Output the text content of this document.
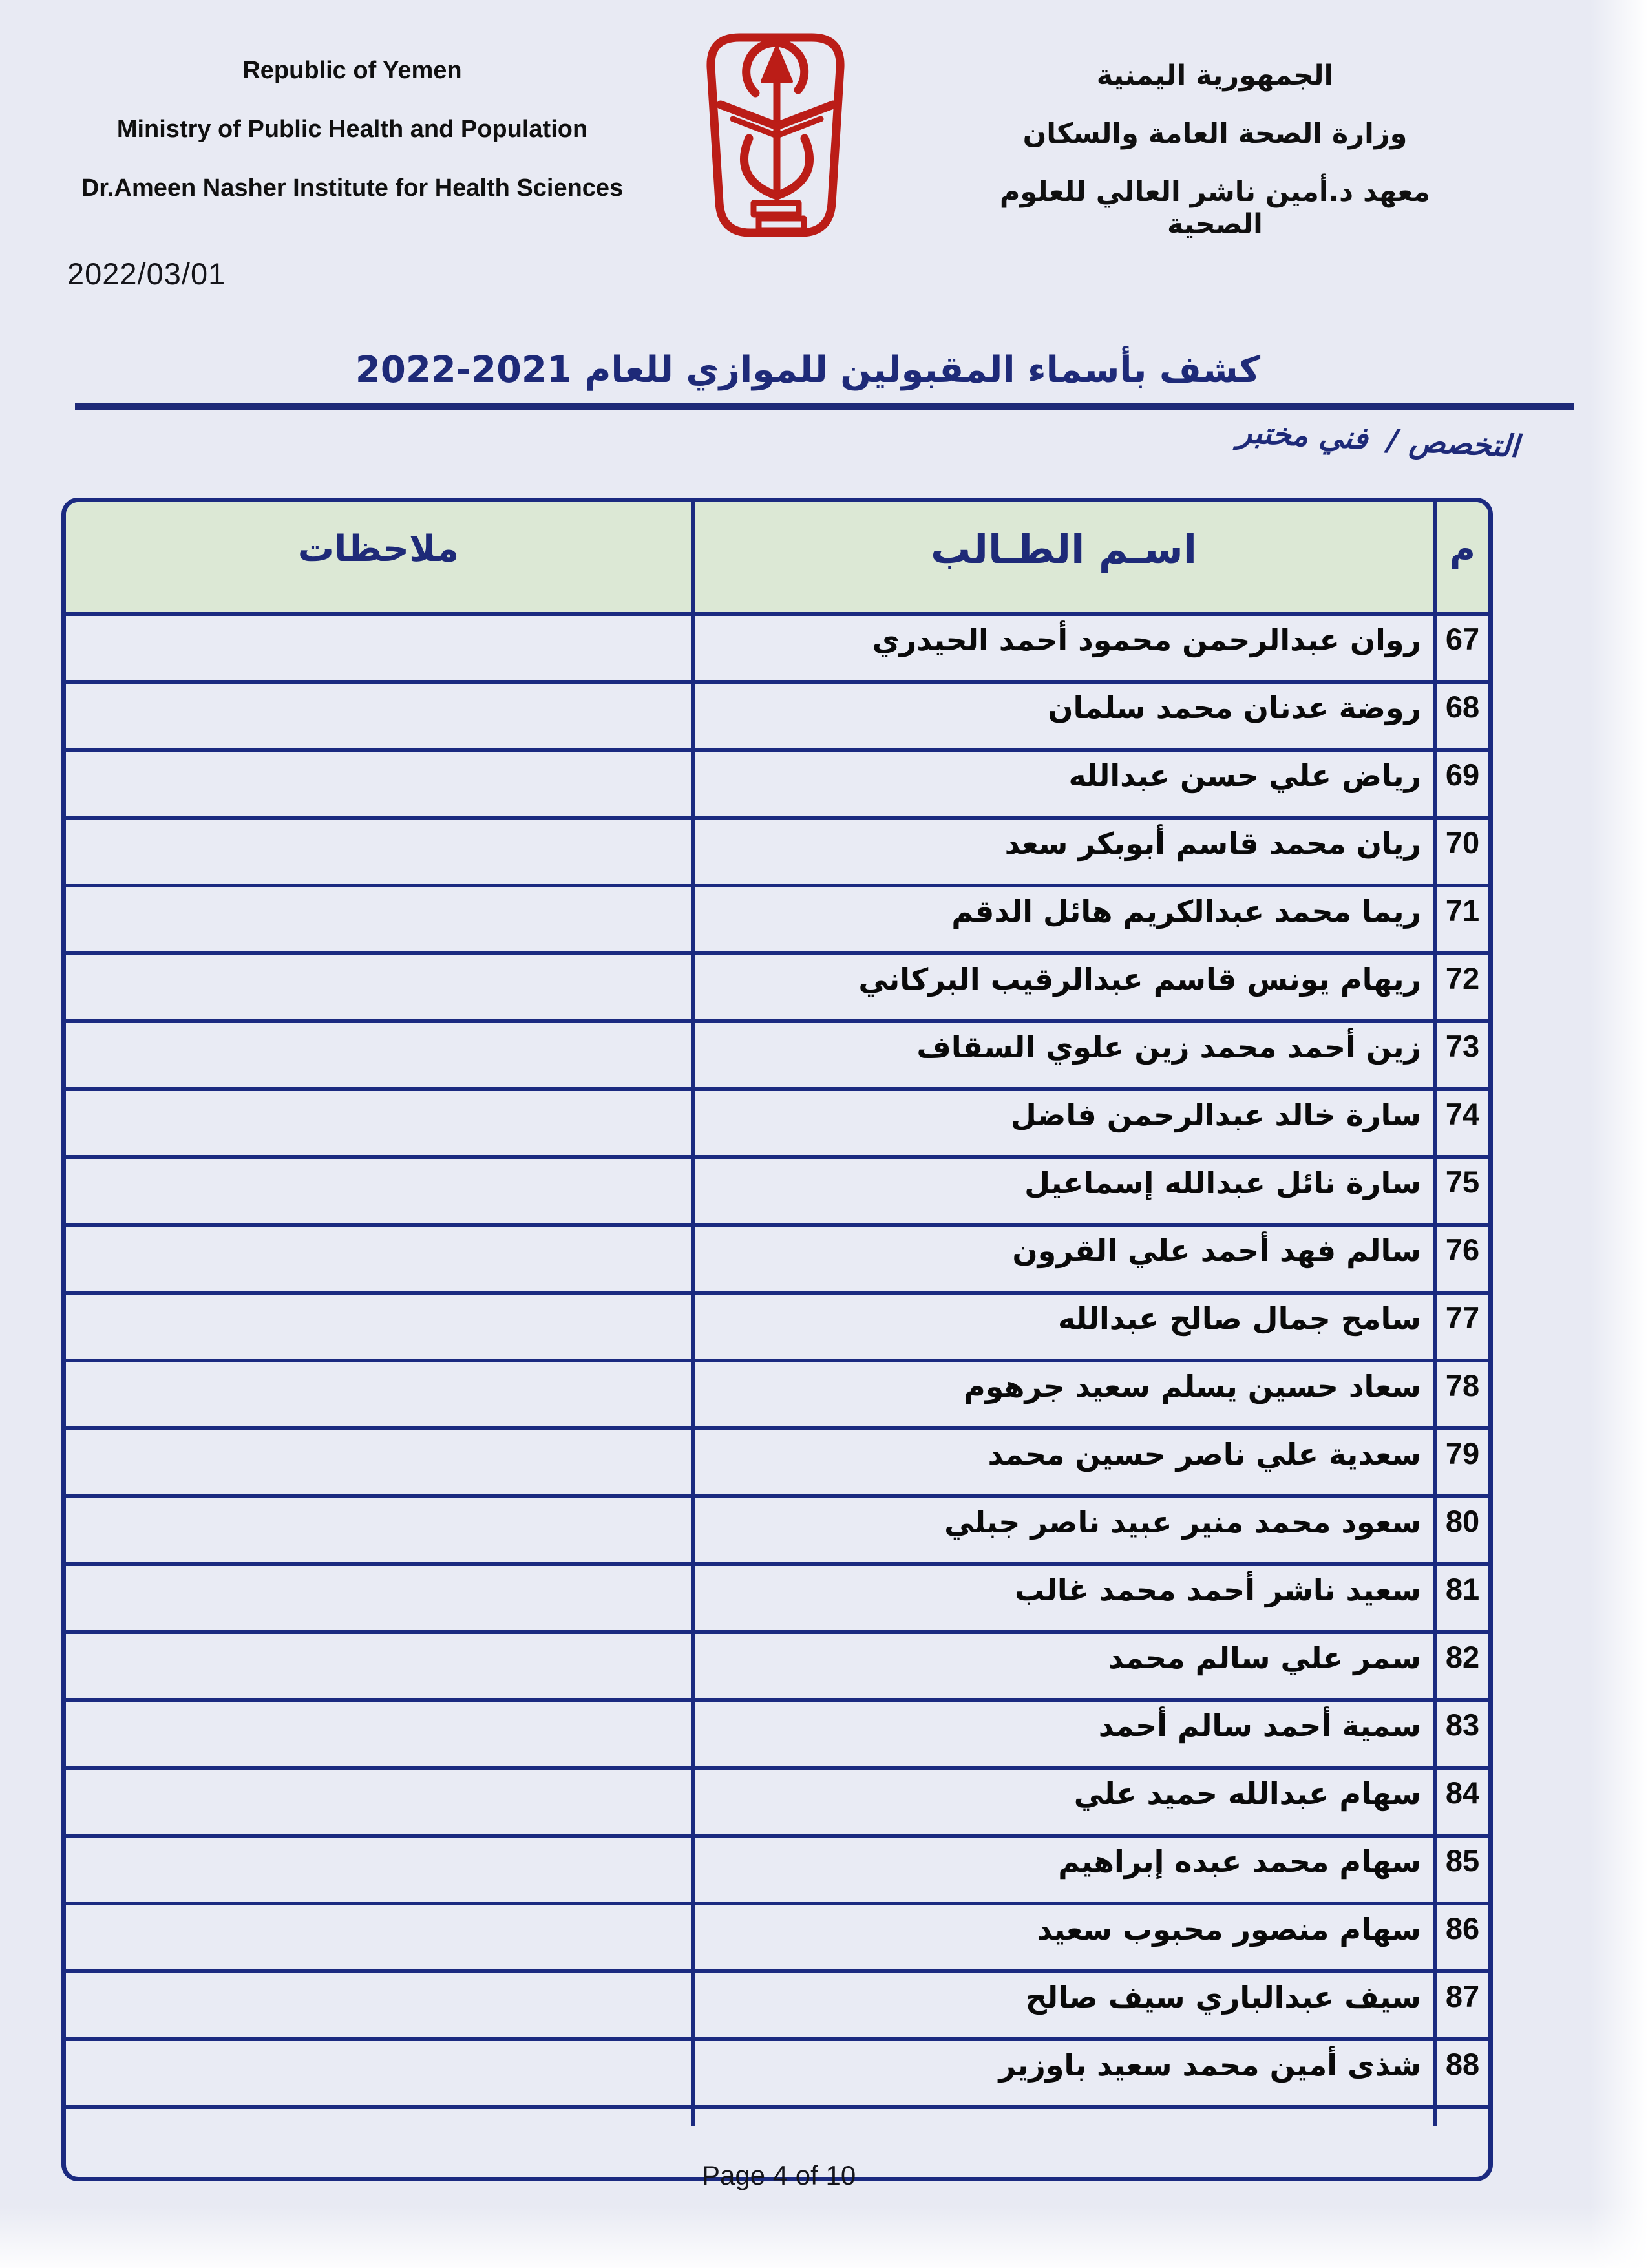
Republic of Yemen
Ministry of Public Health and Population
Dr.Ameen Nasher Institute for Health Sciences
الجمهورية اليمنية
وزارة الصحة العامة والسكان
معهد د.أمين ناشر العالي للعلوم الصحية
2022/03/01
كشف بأسماء المقبولين للموازي للعام 2021-2022
التخصص / فني مختبر
م
اسـم الطـالب
ملاحظات
67
روان عبدالرحمن محمود أحمد الحيدري
68
روضة عدنان محمد سلمان
69
رياض علي حسن عبدالله
70
ريان محمد قاسم أبوبكر سعد
71
ريما محمد عبدالكريم هائل الدقم
72
ريهام يونس قاسم عبدالرقيب البركاني
73
زين أحمد محمد زين علوي السقاف
74
سارة خالد عبدالرحمن فاضل
75
سارة نائل عبدالله إسماعيل
76
سالم فهد أحمد علي القرون
77
سامح جمال صالح عبدالله
78
سعاد حسين يسلم سعيد جرهوم
79
سعدية علي ناصر حسين محمد
80
سعود محمد منير عبيد ناصر جبلي
81
سعيد ناشر أحمد محمد غالب
82
سمر علي سالم محمد
83
سمية أحمد سالم أحمد
84
سهام عبدالله حميد علي
85
سهام محمد عبده إبراهيم
86
سهام منصور محبوب سعيد
87
سيف عبدالباري سيف صالح
88
شذى أمين محمد سعيد باوزير
Page 4 of 10
